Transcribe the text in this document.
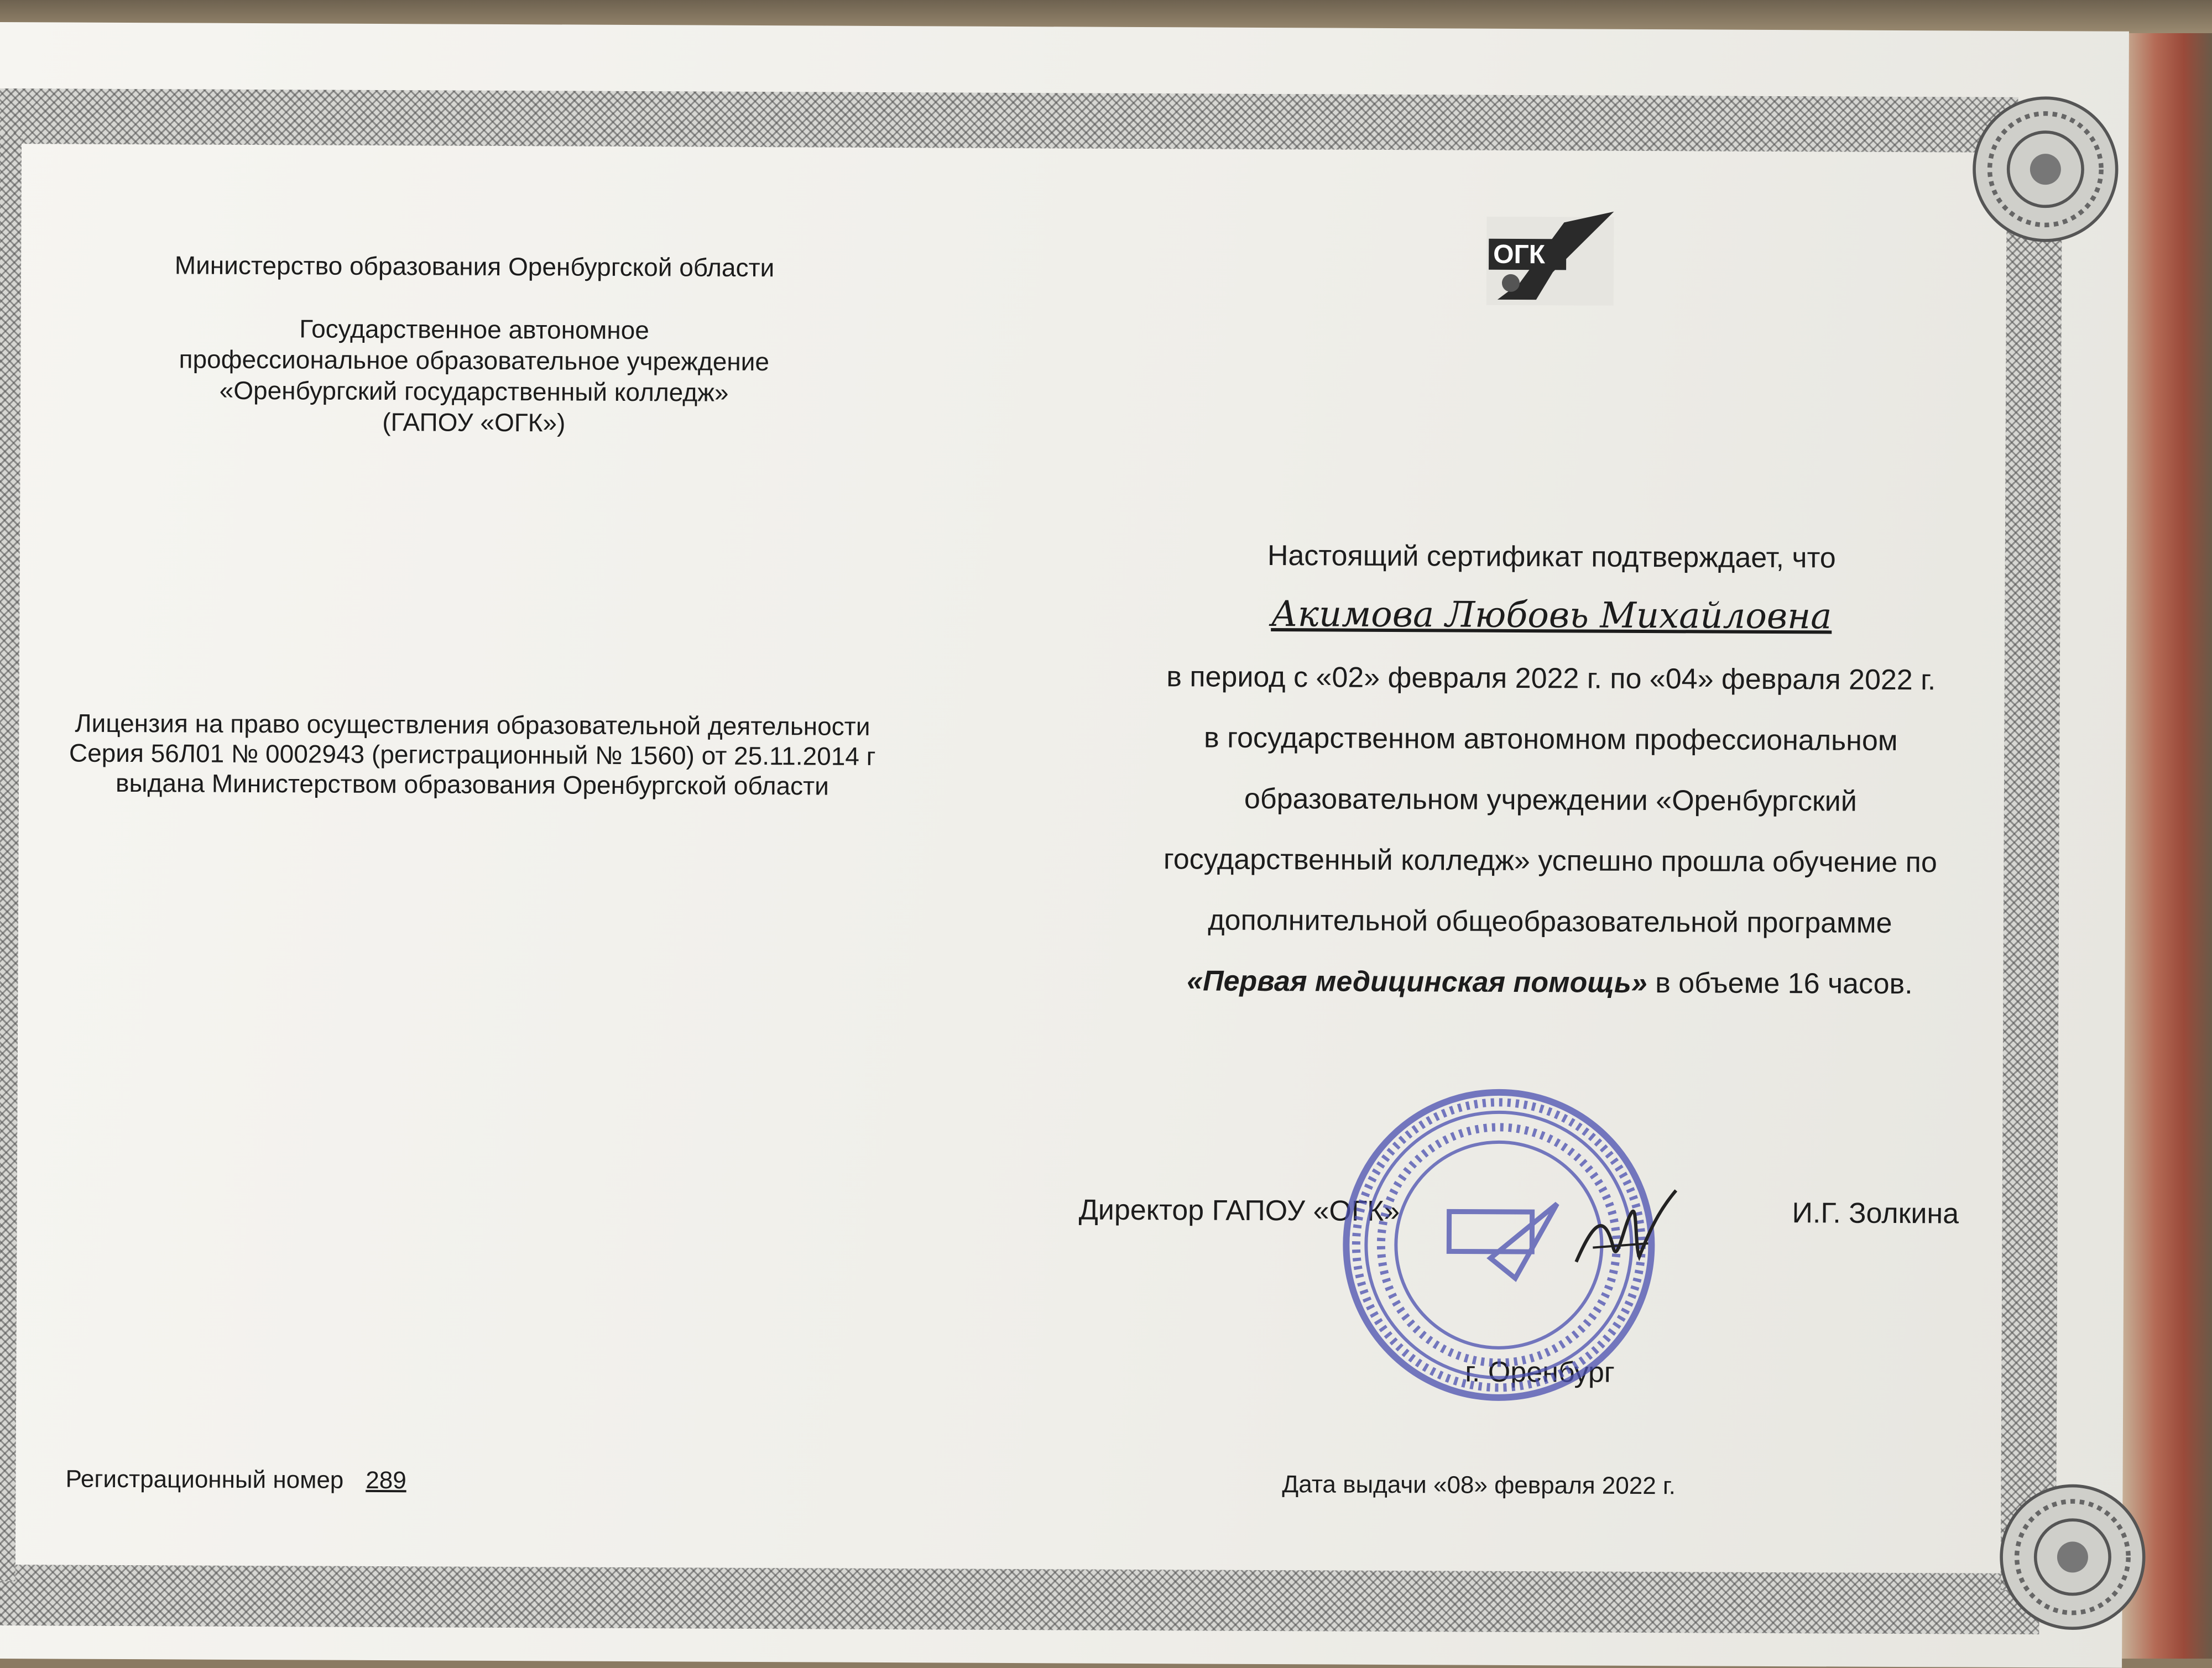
Министерство образования Оренбургской области
Государственное автономное
профессиональное образовательное учреждение
«Оренбургский государственный колледж»
(ГАПОУ «ОГК»)
ОГК
Лицензия на право осуществления образовательной деятельности
Серия 56Л01 № 0002943 (регистрационный № 1560) от 25.11.2014 г
выдана Министерством образования Оренбургской области
Регистрационный номер 289
Настоящий сертификат подтверждает, что
Акимова Любовь Михайловна
в период с «02» февраля 2022 г. по «04» февраля 2022 г.
в государственном автономном профессиональном
образовательном учреждении «Оренбургский
государственный колледж» успешно прошла обучение по
дополнительной общеобразовательной программе
«Первая медицинская помощь» в объеме 16 часов.
Директор ГАПОУ «ОГК»	И.Г. Золкина
г. Оренбург
Дата выдачи «08» февраля 2022 г.
